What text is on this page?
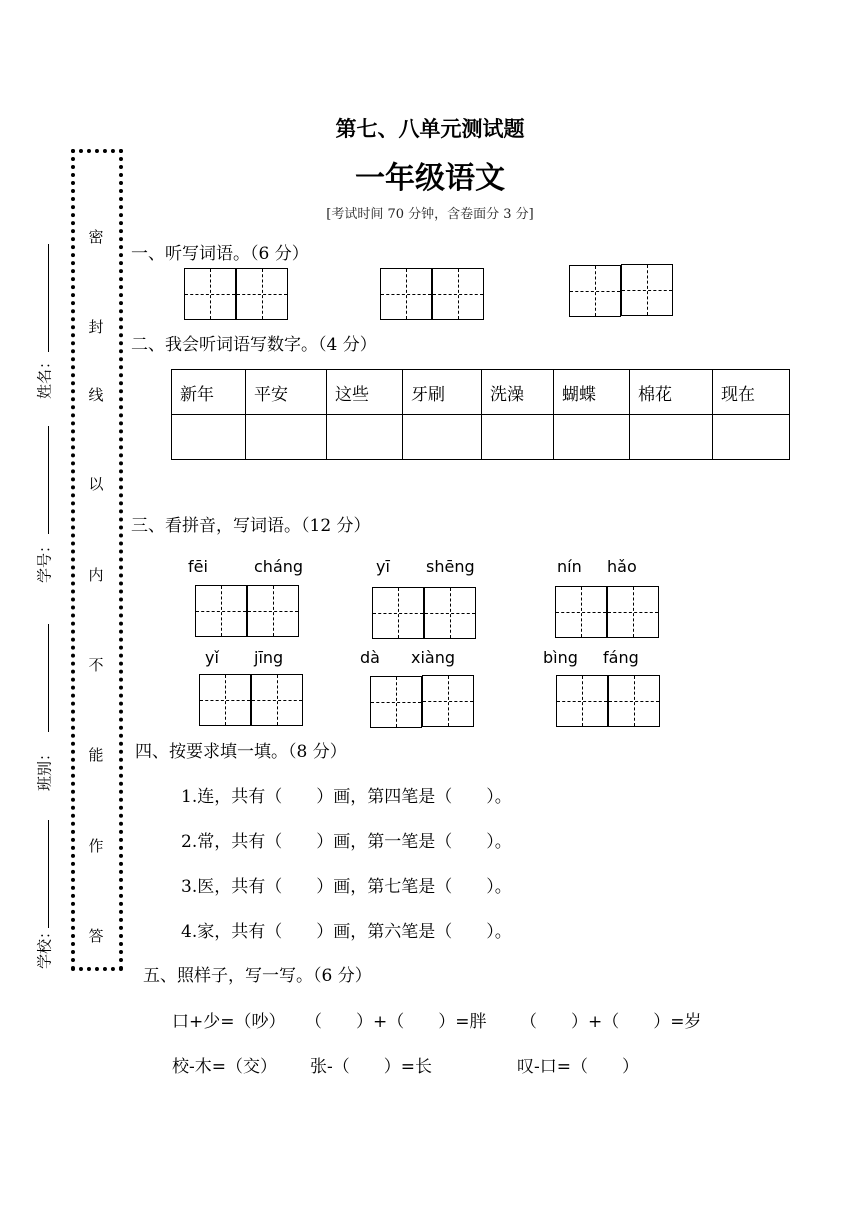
第七、八单元测试题
一年级语文
[考试时间 70 分钟，含卷面分 3 分]
密
封
线
以
内
不
能
作
答
姓名：
学号：
班别：
学校：
一、听写词语。（6 分）
二、我会听词语写数字。（4 分）
新年	平安	这些	牙刷	洗澡	蝴蝶	棉花	现在

三、看拼音，写词语。（12 分）
fēi	cháng	yī shēng	nín hǎo
yǐ jīng	dà xiàng	bìng fáng
四、按要求填一填。（8 分）
1.连，共有（　　）画，第四笔是（　　）。
2.常，共有（　　）画，第一笔是（　　）。
3.医，共有（　　）画，第七笔是（　　）。
4.家，共有（　　）画，第六笔是（　　）。
五、照样子，写一写。（6 分）
口+少=（吵） （　　）+（　　）=胖 （　　）+（　　）=岁
校-木=（交） 张-（　　）=长	叹-口=（　　）
